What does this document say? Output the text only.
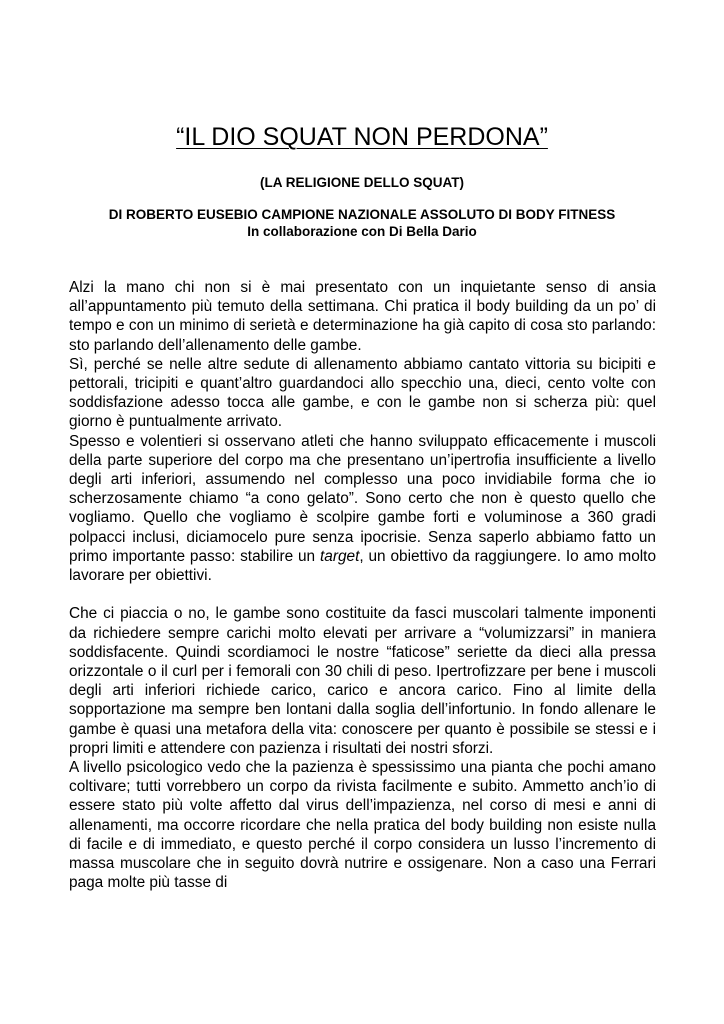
“IL DIO SQUAT NON PERDONA”

(LA RELIGIONE DELLO SQUAT)

DI ROBERTO EUSEBIO CAMPIONE NAZIONALE ASSOLUTO DI BODY FITNESS
In collaborazione con Di Bella Dario

Alzi la mano chi non si è mai presentato con un inquietante senso di ansia all’appuntamento più temuto della settimana. Chi pratica il body building da un po’ di tempo e con un minimo di serietà e determinazione ha già capito di cosa sto parlando: sto parlando dell’allenamento delle gambe.

Sì, perché se nelle altre sedute di allenamento abbiamo cantato vittoria su bicipiti e pettorali, tricipiti e quant’altro guardandoci allo specchio una, dieci, cento volte con soddisfazione adesso tocca alle gambe, e con le gambe non si scherza più: quel giorno è puntualmente arrivato.

Spesso e volentieri si osservano atleti che hanno sviluppato efficacemente i muscoli della parte superiore del corpo ma che presentano un’ipertrofia insufficiente a livello degli arti inferiori, assumendo nel complesso una poco invidiabile forma che io scherzosamente chiamo “a cono gelato”. Sono certo che non è questo quello che vogliamo. Quello che vogliamo è scolpire gambe forti e voluminose a 360 gradi polpacci inclusi, diciamocelo pure senza ipocrisie. Senza saperlo abbiamo fatto un primo importante passo: stabilire un target, un obiettivo da raggiungere. Io amo molto lavorare per obiettivi.

Che ci piaccia o no, le gambe sono costituite da fasci muscolari talmente imponenti da richiedere sempre carichi molto elevati per arrivare a “volumizzarsi” in maniera soddisfacente. Quindi scordiamoci le nostre “faticose” seriette da dieci alla pressa orizzontale o il curl per i femorali con 30 chili di peso. Ipertrofizzare per bene i muscoli degli arti inferiori richiede carico, carico e ancora carico. Fino al limite della sopportazione ma sempre ben lontani dalla soglia dell’infortunio. In fondo allenare le gambe è quasi una metafora della vita: conoscere per quanto è possibile se stessi e i propri limiti e attendere con pazienza i risultati dei nostri sforzi.

A livello psicologico vedo che la pazienza è spessissimo una pianta che pochi amano coltivare; tutti vorrebbero un corpo da rivista facilmente e subito. Ammetto anch’io di essere stato più volte affetto dal virus dell’impazienza, nel corso di mesi e anni di allenamenti, ma occorre ricordare che nella pratica del body building non esiste nulla di facile e di immediato, e questo perché il corpo considera un lusso l’incremento di massa muscolare che in seguito dovrà nutrire e ossigenare. Non a caso una Ferrari paga molte più tasse di
